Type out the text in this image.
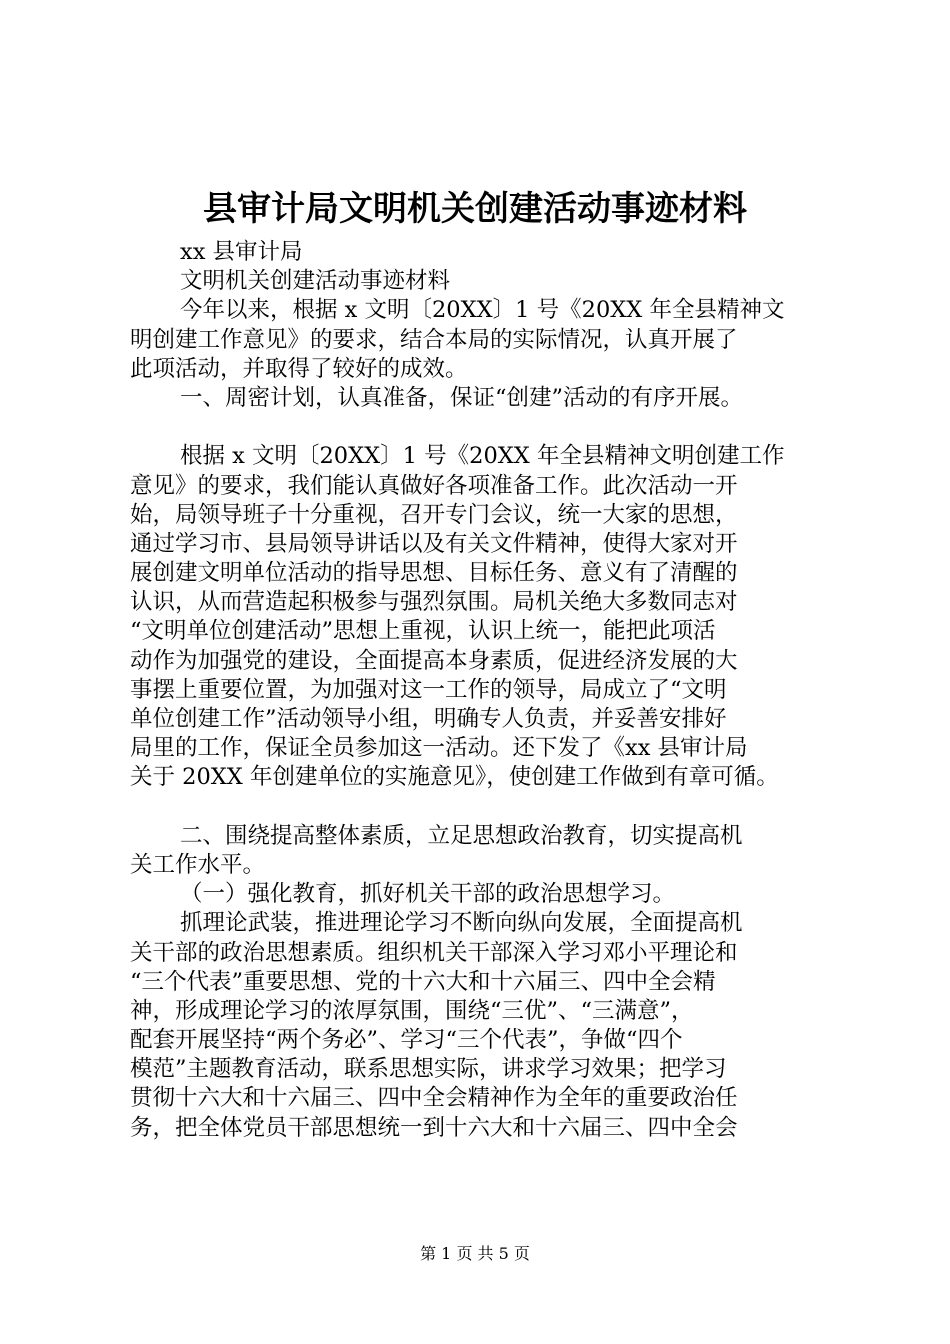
县审计局文明机关创建活动事迹材料
xx 县审计局
文明机关创建活动事迹材料
今年以来，根据 x 文明〔20XX〕1 号《20XX 年全县精神文
明创建工作意见》的要求，结合本局的实际情况，认真开展了
此项活动，并取得了较好的成效。
一、周密计划，认真准备，保证“创建”活动的有序开展。
根据 x 文明〔20XX〕1 号《20XX 年全县精神文明创建工作
意见》的要求，我们能认真做好各项准备工作。此次活动一开
始，局领导班子十分重视，召开专门会议，统一大家的思想，
通过学习市、县局领导讲话以及有关文件精神，使得大家对开
展创建文明单位活动的指导思想、目标任务、意义有了清醒的
认识，从而营造起积极参与强烈氛围。局机关绝大多数同志对
“文明单位创建活动”思想上重视，认识上统一，能把此项活
动作为加强党的建设，全面提高本身素质，促进经济发展的大
事摆上重要位置，为加强对这一工作的领导，局成立了“文明
单位创建工作”活动领导小组，明确专人负责，并妥善安排好
局里的工作，保证全员参加这一活动。还下发了《xx 县审计局
关于 20XX 年创建单位的实施意见》，使创建工作做到有章可循。
二、围绕提高整体素质，立足思想政治教育，切实提高机
关工作水平。
（一）强化教育，抓好机关干部的政治思想学习。
抓理论武装，推进理论学习不断向纵向发展，全面提高机
关干部的政治思想素质。组织机关干部深入学习邓小平理论和
“三个代表”重要思想、党的十六大和十六届三、四中全会精
神，形成理论学习的浓厚氛围，围绕“三优”、“三满意”，
配套开展坚持“两个务必”、学习“三个代表”，争做“四个
模范”主题教育活动，联系思想实际，讲求学习效果；把学习
贯彻十六大和十六届三、四中全会精神作为全年的重要政治任
务，把全体党员干部思想统一到十六大和十六届三、四中全会
第 1 页 共 5 页
